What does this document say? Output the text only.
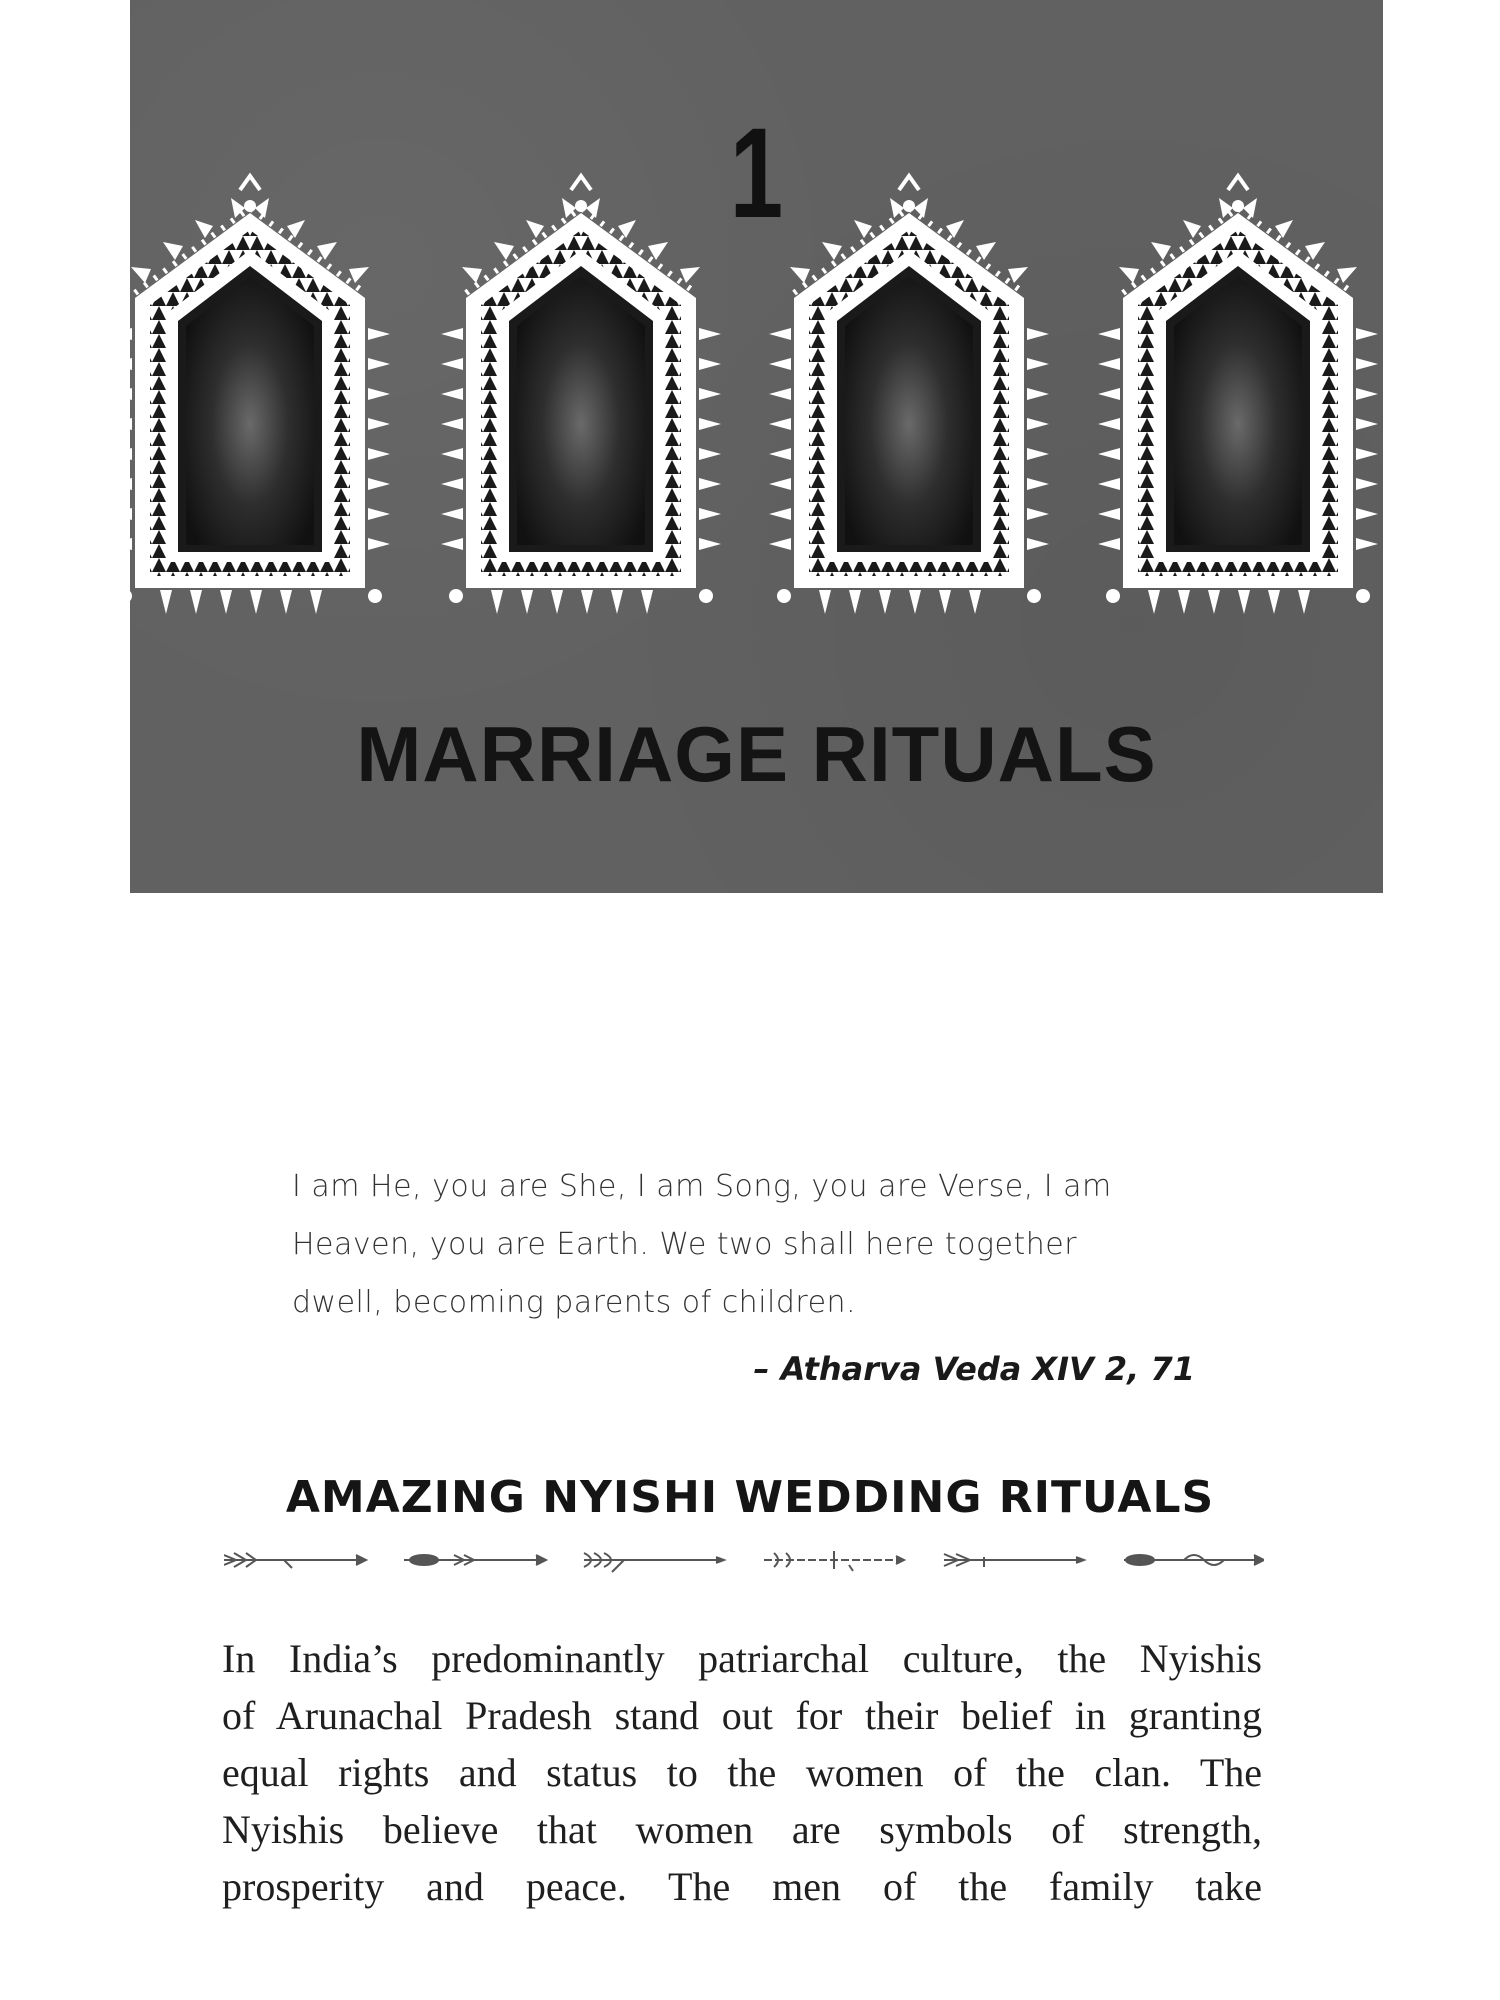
1
MARRIAGE RITUALS
I am He, you are She, I am Song, you are Verse, I am
Heaven, you are Earth. We two shall here together
dwell, becoming parents of children.
– Atharva Veda XIV 2, 71
AMAZING NYISHI WEDDING RITUALS

In India’s predominantly patriarchal culture, the Nyishis

of Arunachal Pradesh stand out for their belief in granting

equal rights and status to the women of the clan. The

Nyishis believe that women are symbols of strength,

prosperity and peace. The men of the family take
